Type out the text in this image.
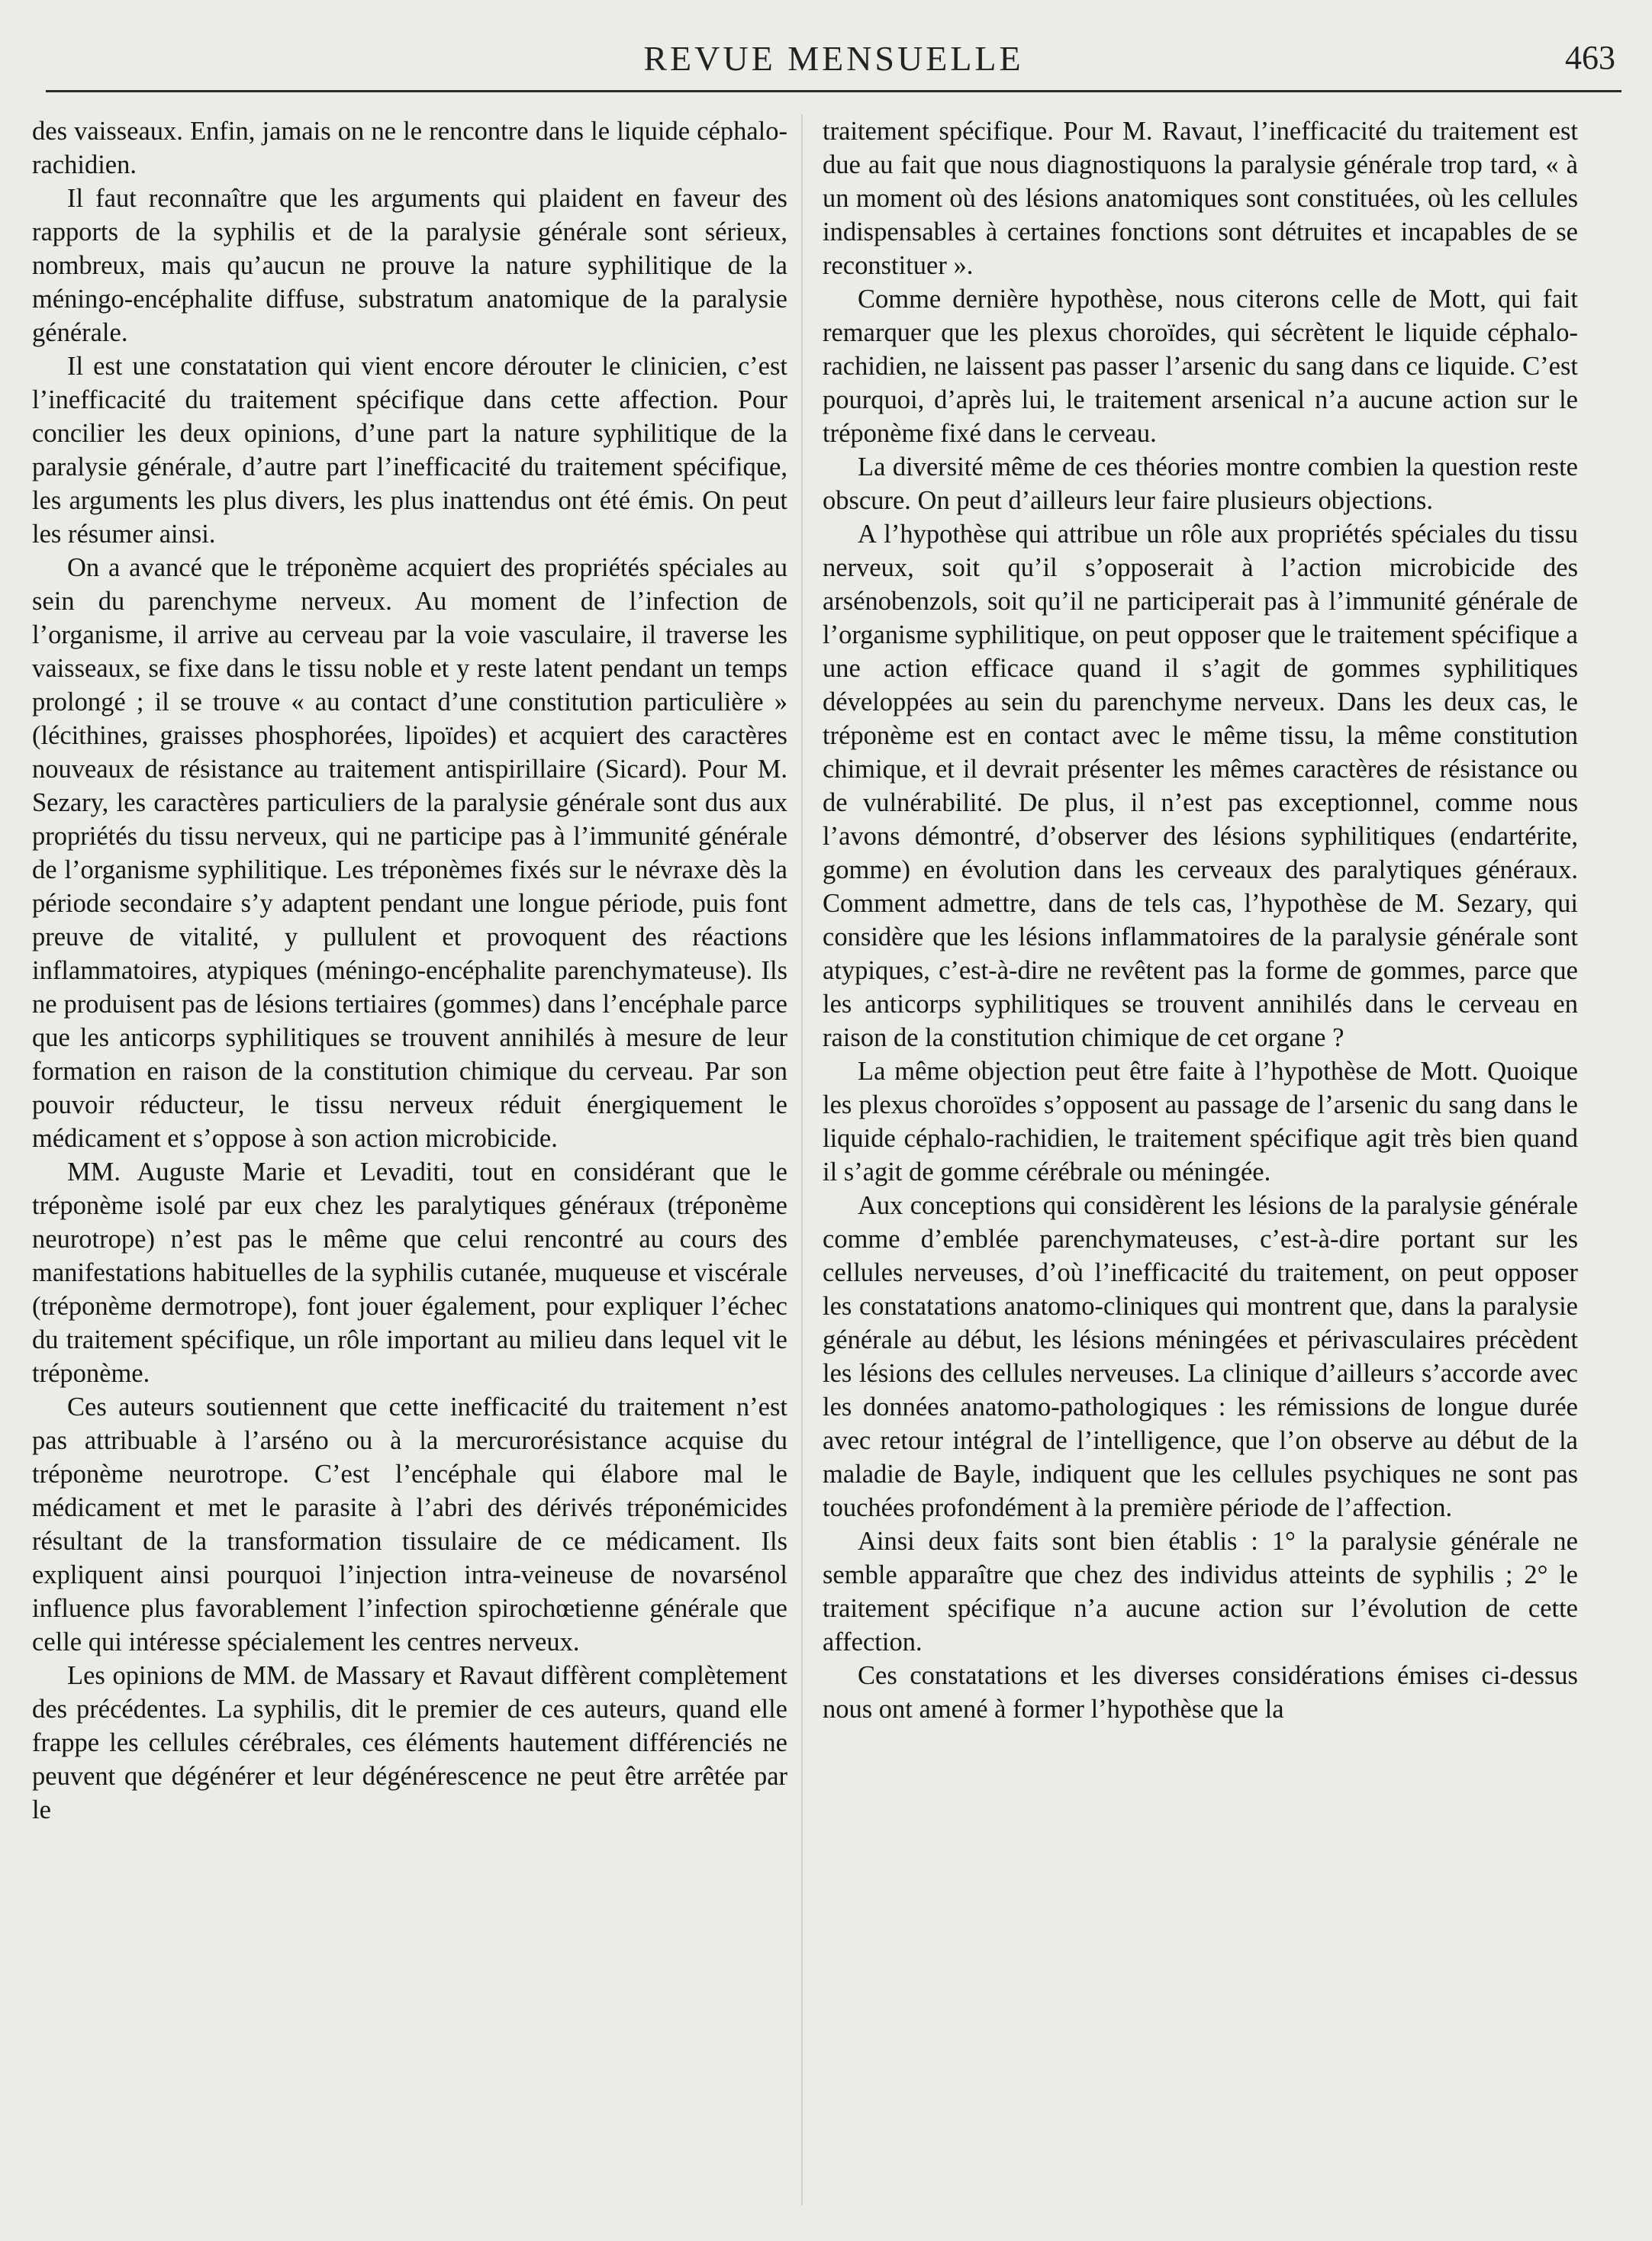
REVUE MENSUELLE	463

des vaisseaux. Enfin, jamais on ne le rencontre dans le liquide céphalo-rachidien.

Il faut reconnaître que les arguments qui plaident en faveur des rapports de la syphilis et de la paralysie générale sont sérieux, nombreux, mais qu’aucun ne prouve la nature syphilitique de la méningo-encéphalite diffuse, substratum anatomique de la paralysie générale.

Il est une constatation qui vient encore dérouter le clinicien, c’est l’inefficacité du traitement spécifique dans cette affection. Pour concilier les deux opinions, d’une part la nature syphilitique de la paralysie générale, d’autre part l’inefficacité du traitement spécifique, les arguments les plus divers, les plus inattendus ont été émis. On peut les résumer ainsi.

On a avancé que le tréponème acquiert des propriétés spéciales au sein du parenchyme nerveux. Au moment de l’infection de l’organisme, il arrive au cerveau par la voie vasculaire, il traverse les vaisseaux, se fixe dans le tissu noble et y reste latent pendant un temps prolongé ; il se trouve « au contact d’une constitution particulière » (lécithines, graisses phosphorées, lipoïdes) et acquiert des caractères nouveaux de résistance au traitement antispirillaire (Sicard). Pour M. Sezary, les caractères particuliers de la paralysie générale sont dus aux propriétés du tissu nerveux, qui ne participe pas à l’immunité générale de l’organisme syphilitique. Les tréponèmes fixés sur le névraxe dès la période secondaire s’y adaptent pendant une longue période, puis font preuve de vitalité, y pullulent et provoquent des réactions inflammatoires, atypiques (méningo-encéphalite parenchymateuse). Ils ne produisent pas de lésions tertiaires (gommes) dans l’encéphale parce que les anticorps syphilitiques se trouvent annihilés à mesure de leur formation en raison de la constitution chimique du cerveau. Par son pouvoir réducteur, le tissu nerveux réduit énergiquement le médicament et s’oppose à son action microbicide.

MM. Auguste Marie et Levaditi, tout en considérant que le tréponème isolé par eux chez les paralytiques généraux (tréponème neurotrope) n’est pas le même que celui rencontré au cours des manifestations habituelles de la syphilis cutanée, muqueuse et viscérale (tréponème dermotrope), font jouer également, pour expliquer l’échec du traitement spécifique, un rôle important au milieu dans lequel vit le tréponème.

Ces auteurs soutiennent que cette inefficacité du traitement n’est pas attribuable à l’arséno ou à la mercurorésistance acquise du tréponème neurotrope. C’est l’encéphale qui élabore mal le médicament et met le parasite à l’abri des dérivés tréponémicides résultant de la transformation tissulaire de ce médicament. Ils expliquent ainsi pourquoi l’injection intra-veineuse de novarsénol influence plus favorablement l’infection spirochœtienne générale que celle qui intéresse spécialement les centres nerveux.

Les opinions de MM. de Massary et Ravaut diffèrent complètement des précédentes. La syphilis, dit le premier de ces auteurs, quand elle frappe les cellules cérébrales, ces éléments hautement différenciés ne peuvent que dégénérer et leur dégénérescence ne peut être arrêtée par le

traitement spécifique. Pour M. Ravaut, l’inefficacité du traitement est due au fait que nous diagnostiquons la paralysie générale trop tard, « à un moment où des lésions anatomiques sont constituées, où les cellules indispensables à certaines fonctions sont détruites et incapables de se reconstituer ».

Comme dernière hypothèse, nous citerons celle de Mott, qui fait remarquer que les plexus choroïdes, qui sécrètent le liquide céphalo-rachidien, ne laissent pas passer l’arsenic du sang dans ce liquide. C’est pourquoi, d’après lui, le traitement arsenical n’a aucune action sur le tréponème fixé dans le cerveau.

La diversité même de ces théories montre combien la question reste obscure. On peut d’ailleurs leur faire plusieurs objections.

A l’hypothèse qui attribue un rôle aux propriétés spéciales du tissu nerveux, soit qu’il s’opposerait à l’action microbicide des arsénobenzols, soit qu’il ne participerait pas à l’immunité générale de l’organisme syphilitique, on peut opposer que le traitement spécifique a une action efficace quand il s’agit de gommes syphilitiques développées au sein du parenchyme nerveux. Dans les deux cas, le tréponème est en contact avec le même tissu, la même constitution chimique, et il devrait présenter les mêmes caractères de résistance ou de vulnérabilité. De plus, il n’est pas exceptionnel, comme nous l’avons démontré, d’observer des lésions syphilitiques (endartérite, gomme) en évolution dans les cerveaux des paralytiques généraux. Comment admettre, dans de tels cas, l’hypothèse de M. Sezary, qui considère que les lésions inflammatoires de la paralysie générale sont atypiques, c’est-à-dire ne revêtent pas la forme de gommes, parce que les anticorps syphilitiques se trouvent annihilés dans le cerveau en raison de la constitution chimique de cet organe ?

La même objection peut être faite à l’hypothèse de Mott. Quoique les plexus choroïdes s’opposent au passage de l’arsenic du sang dans le liquide céphalo-rachidien, le traitement spécifique agit très bien quand il s’agit de gomme cérébrale ou méningée.

Aux conceptions qui considèrent les lésions de la paralysie générale comme d’emblée parenchymateuses, c’est-à-dire portant sur les cellules nerveuses, d’où l’inefficacité du traitement, on peut opposer les constatations anatomo-cliniques qui montrent que, dans la paralysie générale au début, les lésions méningées et périvasculaires précèdent les lésions des cellules nerveuses. La clinique d’ailleurs s’accorde avec les données anatomo-pathologiques : les rémissions de longue durée avec retour intégral de l’intelligence, que l’on observe au début de la maladie de Bayle, indiquent que les cellules psychiques ne sont pas touchées profondément à la première période de l’affection.

Ainsi deux faits sont bien établis : 1° la paralysie générale ne semble apparaître que chez des individus atteints de syphilis ; 2° le traitement spécifique n’a aucune action sur l’évolution de cette affection.

Ces constatations et les diverses considérations émises ci-dessus nous ont amené à former l’hypothèse que la
